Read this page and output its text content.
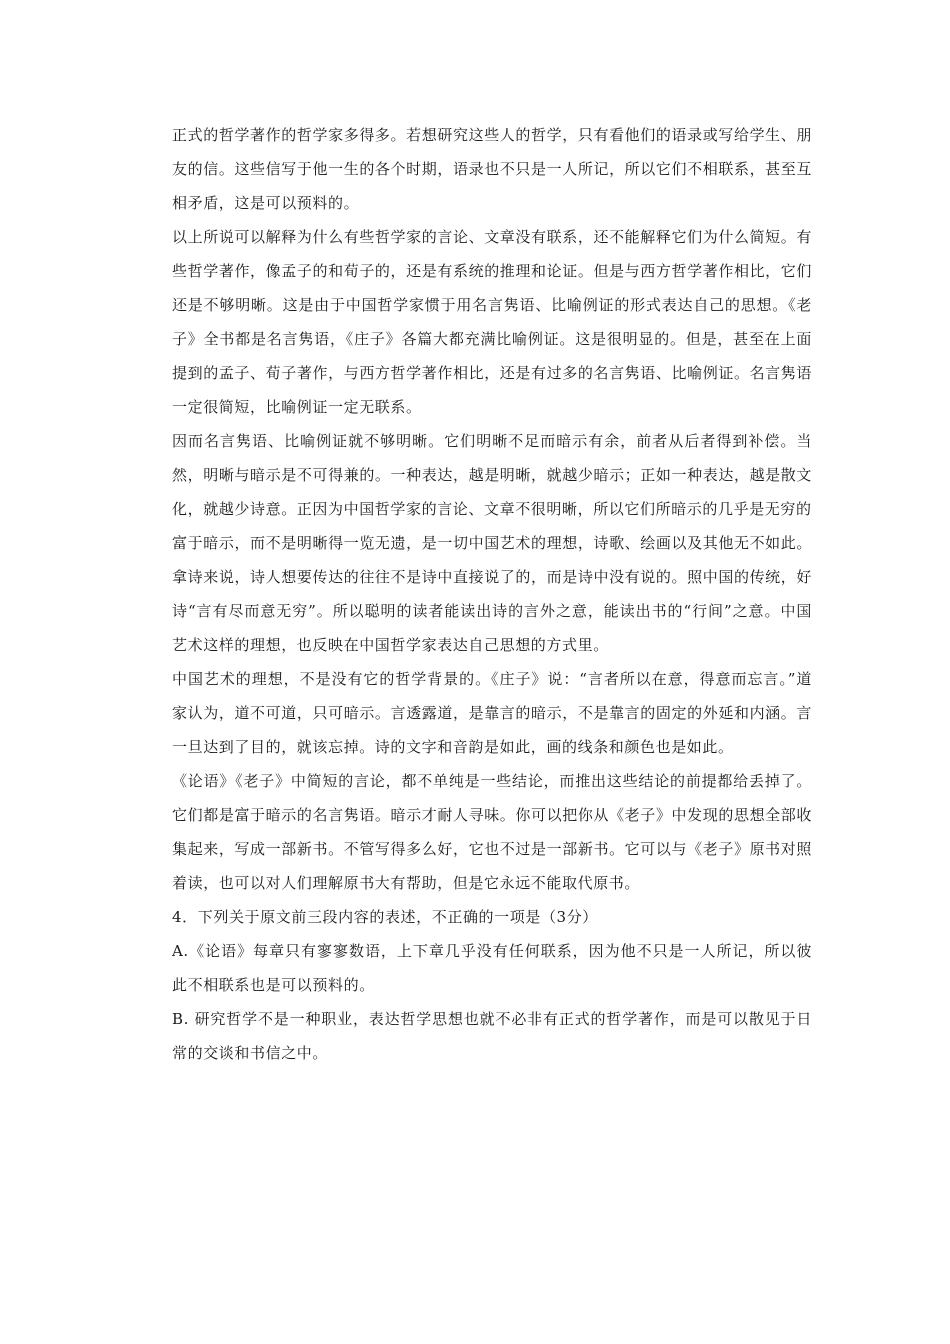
正式的哲学著作的哲学家多得多。若想研究这些人的哲学，只有看他们的语录或写给学生、朋友的信。这些信写于他一生的各个时期，语录也不只是一人所记，所以它们不相联系，甚至互相矛盾，这是可以预料的。

以上所说可以解释为什么有些哲学家的言论、文章没有联系，还不能解释它们为什么简短。有些哲学著作，像孟子的和荀子的，还是有系统的推理和论证。但是与西方哲学著作相比，它们还是不够明晰。这是由于中国哲学家惯于用名言隽语、比喻例证的形式表达自己的思想。《老子》全书都是名言隽语，《庄子》各篇大都充满比喻例证。这是很明显的。但是，甚至在上面提到的孟子、荀子著作，与西方哲学著作相比，还是有过多的名言隽语、比喻例证。名言隽语一定很简短，比喻例证一定无联系。

因而名言隽语、比喻例证就不够明晰。它们明晰不足而暗示有余，前者从后者得到补偿。当然，明晰与暗示是不可得兼的。一种表达，越是明晰，就越少暗示；正如一种表达，越是散文化，就越少诗意。正因为中国哲学家的言论、文章不很明晰，所以它们所暗示的几乎是无穷的

富于暗示，而不是明晰得一览无遗，是一切中国艺术的理想，诗歌、绘画以及其他无不如此。拿诗来说，诗人想要传达的往往不是诗中直接说了的，而是诗中没有说的。照中国的传统，好诗“言有尽而意无穷”。所以聪明的读者能读出诗的言外之意，能读出书的“行间”之意。中国艺术这样的理想，也反映在中国哲学家表达自己思想的方式里。

中国艺术的理想，不是没有它的哲学背景的。《庄子》说：“言者所以在意，得意而忘言。”道家认为，道不可道，只可暗示。言透露道，是靠言的暗示，不是靠言的固定的外延和内涵。言一旦达到了目的，就该忘掉。诗的文字和音韵是如此，画的线条和颜色也是如此。

《论语》《老子》中简短的言论，都不单纯是一些结论，而推出这些结论的前提都给丢掉了。它们都是富于暗示的名言隽语。暗示才耐人寻味。你可以把你从《老子》中发现的思想全部收集起来，写成一部新书。不管写得多么好，它也不过是一部新书。它可以与《老子》原书对照着读，也可以对人们理解原书大有帮助，但是它永远不能取代原书。

4．下列关于原文前三段内容的表述，不正确的一项是（3分）

A.《论语》每章只有寥寥数语，上下章几乎没有任何联系，因为他不只是一人所记，所以彼此不相联系也是可以预料的。

B. 研究哲学不是一种职业，表达哲学思想也就不必非有正式的哲学著作，而是可以散见于日常的交谈和书信之中。
